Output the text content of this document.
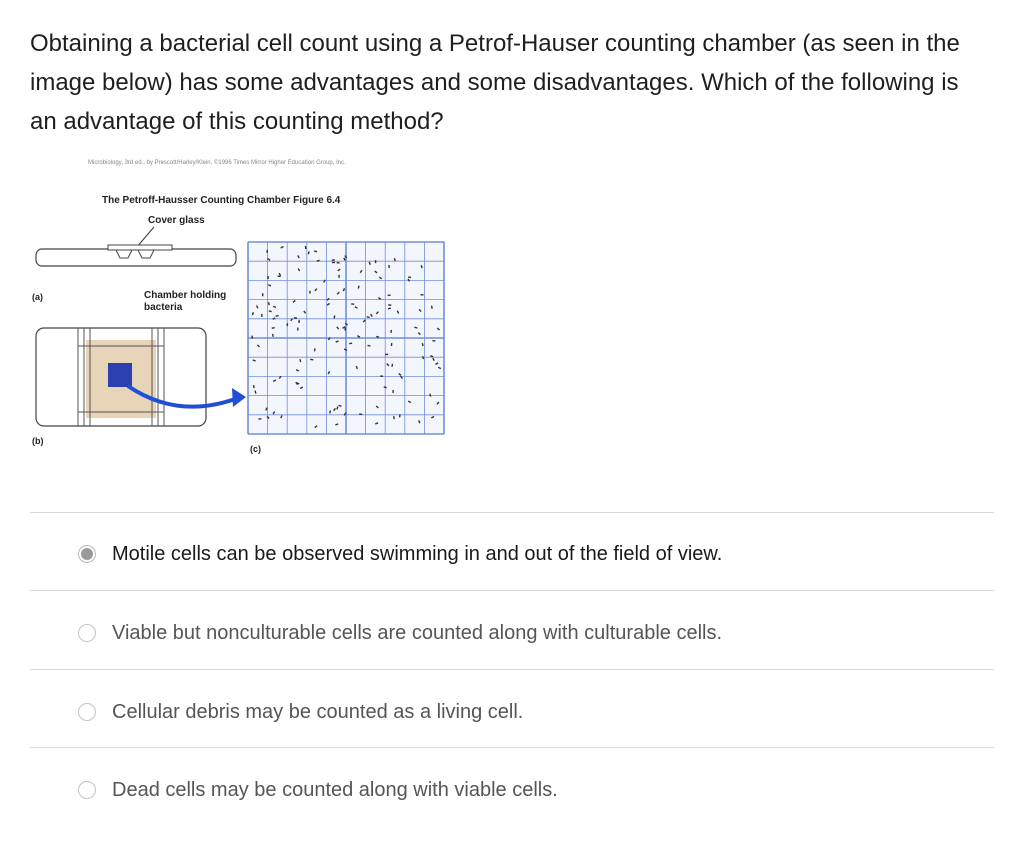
Obtaining a bacterial cell count using a Petrof-Hauser counting chamber (as seen in the image below) has some advantages and some disadvantages. Which of the following is an advantage of this counting method?

Microbiology, 3rd ed., by Prescott/Harley/Klein, ©1996 Times Mirror Higher Education Group, Inc.
The Petroff-Hausser Counting Chamber Figure 6.4
Cover glass
(a)	Chamber holding
bacteria
(b)
(c)
Motile cells can be observed swimming in and out of the field of view.
Viable but nonculturable cells are counted along with culturable cells.
Cellular debris may be counted as a living cell.
Dead cells may be counted along with viable cells.
